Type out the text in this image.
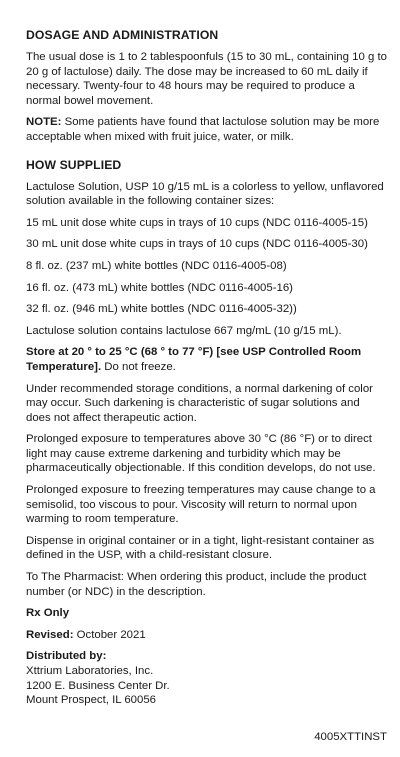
DOSAGE AND ADMINISTRATION

The usual dose is 1 to 2 tablespoonfuls (15 to 30 mL, containing 10 g to 20 g of lactulose) daily. The dose may be increased to 60 mL daily if necessary. Twenty-four to 48 hours may be required to produce a normal bowel movement.

NOTE: Some patients have found that lactulose solution may be more acceptable when mixed with fruit juice, water, or milk.

HOW SUPPLIED

Lactulose Solution, USP 10 g/15 mL is a colorless to yellow, unflavored solution available in the following container sizes:

15 mL unit dose white cups in trays of 10 cups (NDC 0116-4005-15)

30 mL unit dose white cups in trays of 10 cups (NDC 0116-4005-30)

8 fl. oz. (237 mL) white bottles (NDC 0116-4005-08)

16 fl. oz. (473 mL) white bottles (NDC 0116-4005-16)

32 fl. oz. (946 mL) white bottles (NDC 0116-4005-32))

Lactulose solution contains lactulose 667 mg/mL (10 g/15 mL).

Store at 20 ° to 25 °C (68 ° to 77 °F) [see USP Controlled Room Temperature]. Do not freeze.

Under recommended storage conditions, a normal darkening of color may occur. Such darkening is characteristic of sugar solutions and does not affect therapeutic action.

Prolonged exposure to temperatures above 30 °C (86 °F) or to direct light may cause extreme darkening and turbidity which may be pharmaceutically objectionable. If this condition develops, do not use.

Prolonged exposure to freezing temperatures may cause change to a semisolid, too viscous to pour. Viscosity will return to normal upon warming to room temperature.

Dispense in original container or in a tight, light-resistant container as defined in the USP, with a child-resistant closure.

To The Pharmacist: When ordering this product, include the product number (or NDC) in the description.

Rx Only

Revised: October 2021

Distributed by:

Xttrium Laboratories, Inc.

1200 E. Business Center Dr.

Mount Prospect, IL 60056

4005XTTINST
